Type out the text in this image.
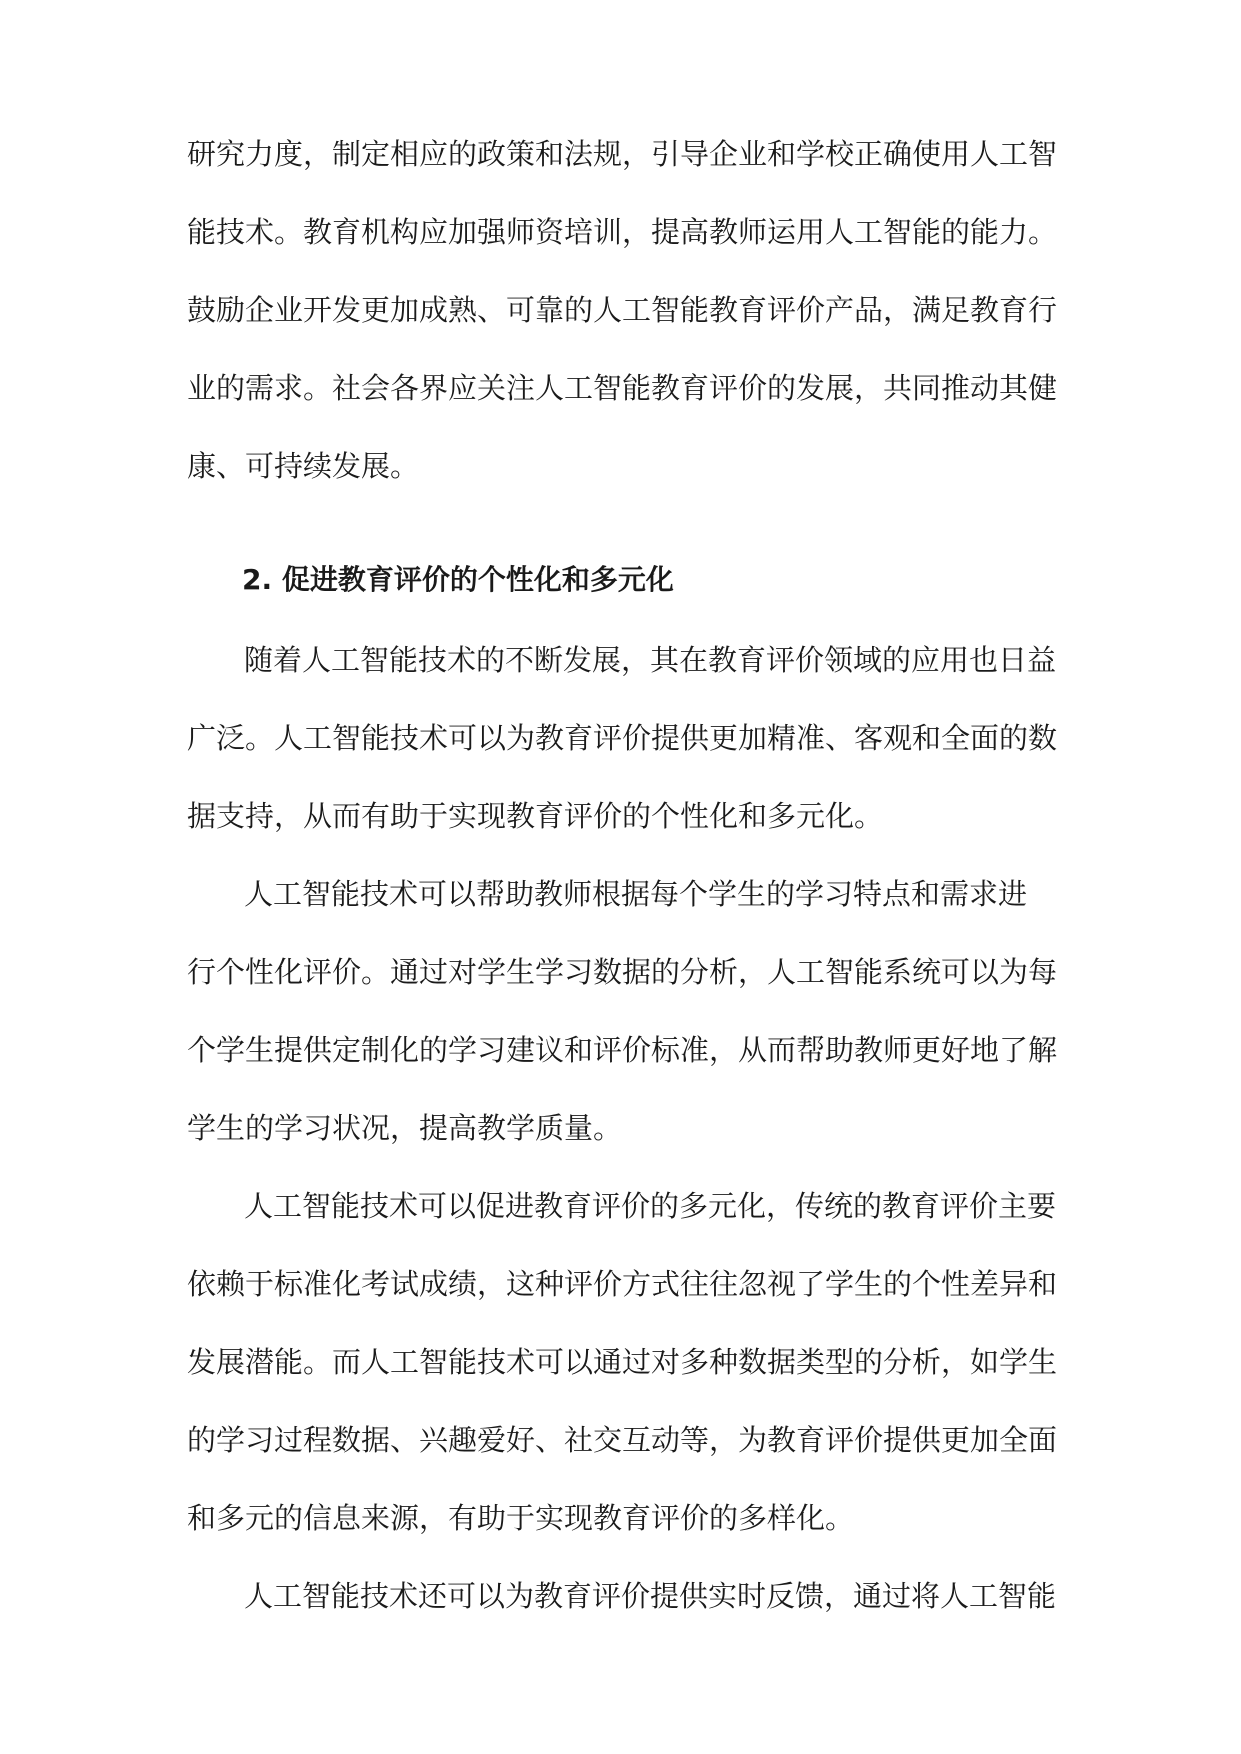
研究力度，制定相应的政策和法规，引导企业和学校正确使用人工智
能技术。教育机构应加强师资培训，提高教师运用人工智能的能力。
鼓励企业开发更加成熟、可靠的人工智能教育评价产品，满足教育行
业的需求。社会各界应关注人工智能教育评价的发展，共同推动其健
康、可持续发展。
2. 促进教育评价的个性化和多元化
随着人工智能技术的不断发展，其在教育评价领域的应用也日益
广泛。人工智能技术可以为教育评价提供更加精准、客观和全面的数
据支持，从而有助于实现教育评价的个性化和多元化。
人工智能技术可以帮助教师根据每个学生的学习特点和需求进
行个性化评价。通过对学生学习数据的分析，人工智能系统可以为每
个学生提供定制化的学习建议和评价标准，从而帮助教师更好地了解
学生的学习状况，提高教学质量。
人工智能技术可以促进教育评价的多元化，传统的教育评价主要
依赖于标准化考试成绩，这种评价方式往往忽视了学生的个性差异和
发展潜能。而人工智能技术可以通过对多种数据类型的分析，如学生
的学习过程数据、兴趣爱好、社交互动等，为教育评价提供更加全面
和多元的信息来源，有助于实现教育评价的多样化。
人工智能技术还可以为教育评价提供实时反馈，通过将人工智能
